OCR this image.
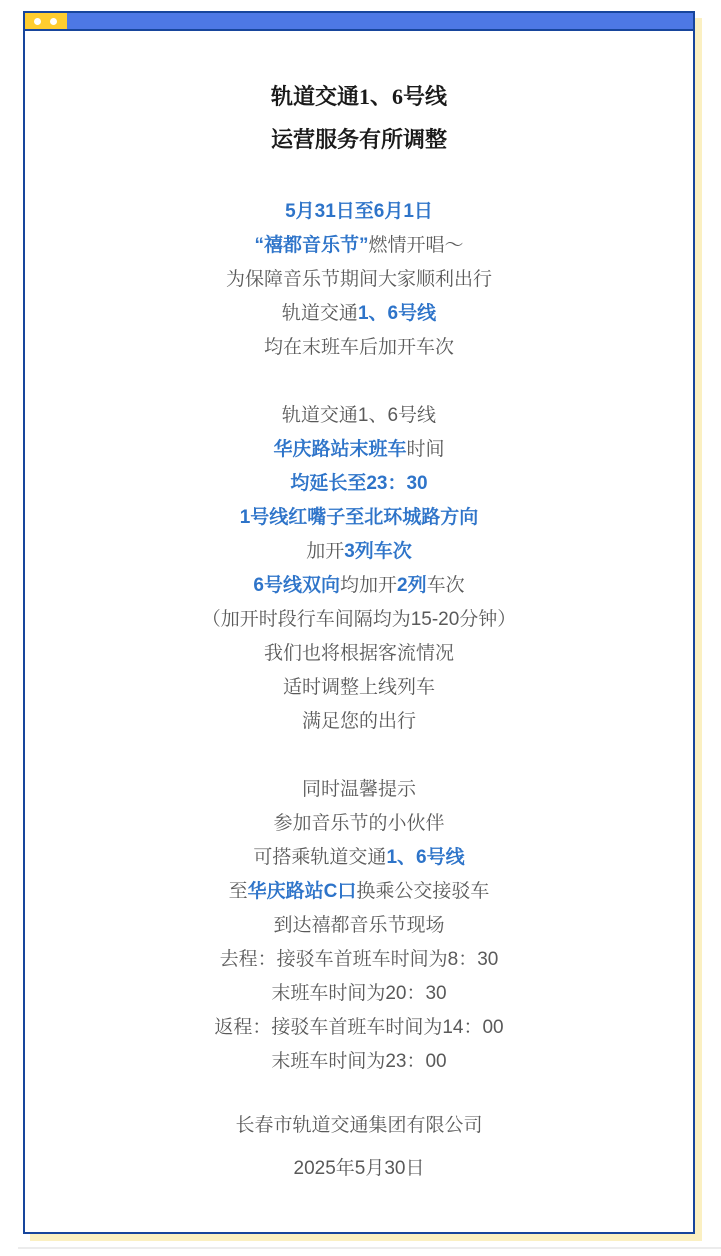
轨道交通1、6号线
运营服务有所调整

5月31日至6月1日

“禧都音乐节”燃情开唱～

为保障音乐节期间大家顺利出行

轨道交通1、6号线

均在末班车后加开车次

轨道交通1、6号线

华庆路站末班车时间

均延长至23：30

1号线红嘴子至北环城路方向

加开3列车次

6号线双向均加开2列车次

（加开时段行车间隔均为15-20分钟）

我们也将根据客流情况

适时调整上线列车

满足您的出行

同时温馨提示

参加音乐节的小伙伴

可搭乘轨道交通1、6号线

至华庆路站C口换乘公交接驳车

到达禧都音乐节现场

去程：接驳车首班车时间为8：30

末班车时间为20：30

返程：接驳车首班车时间为14：00

末班车时间为23：00

长春市轨道交通集团有限公司

2025年5月30日
